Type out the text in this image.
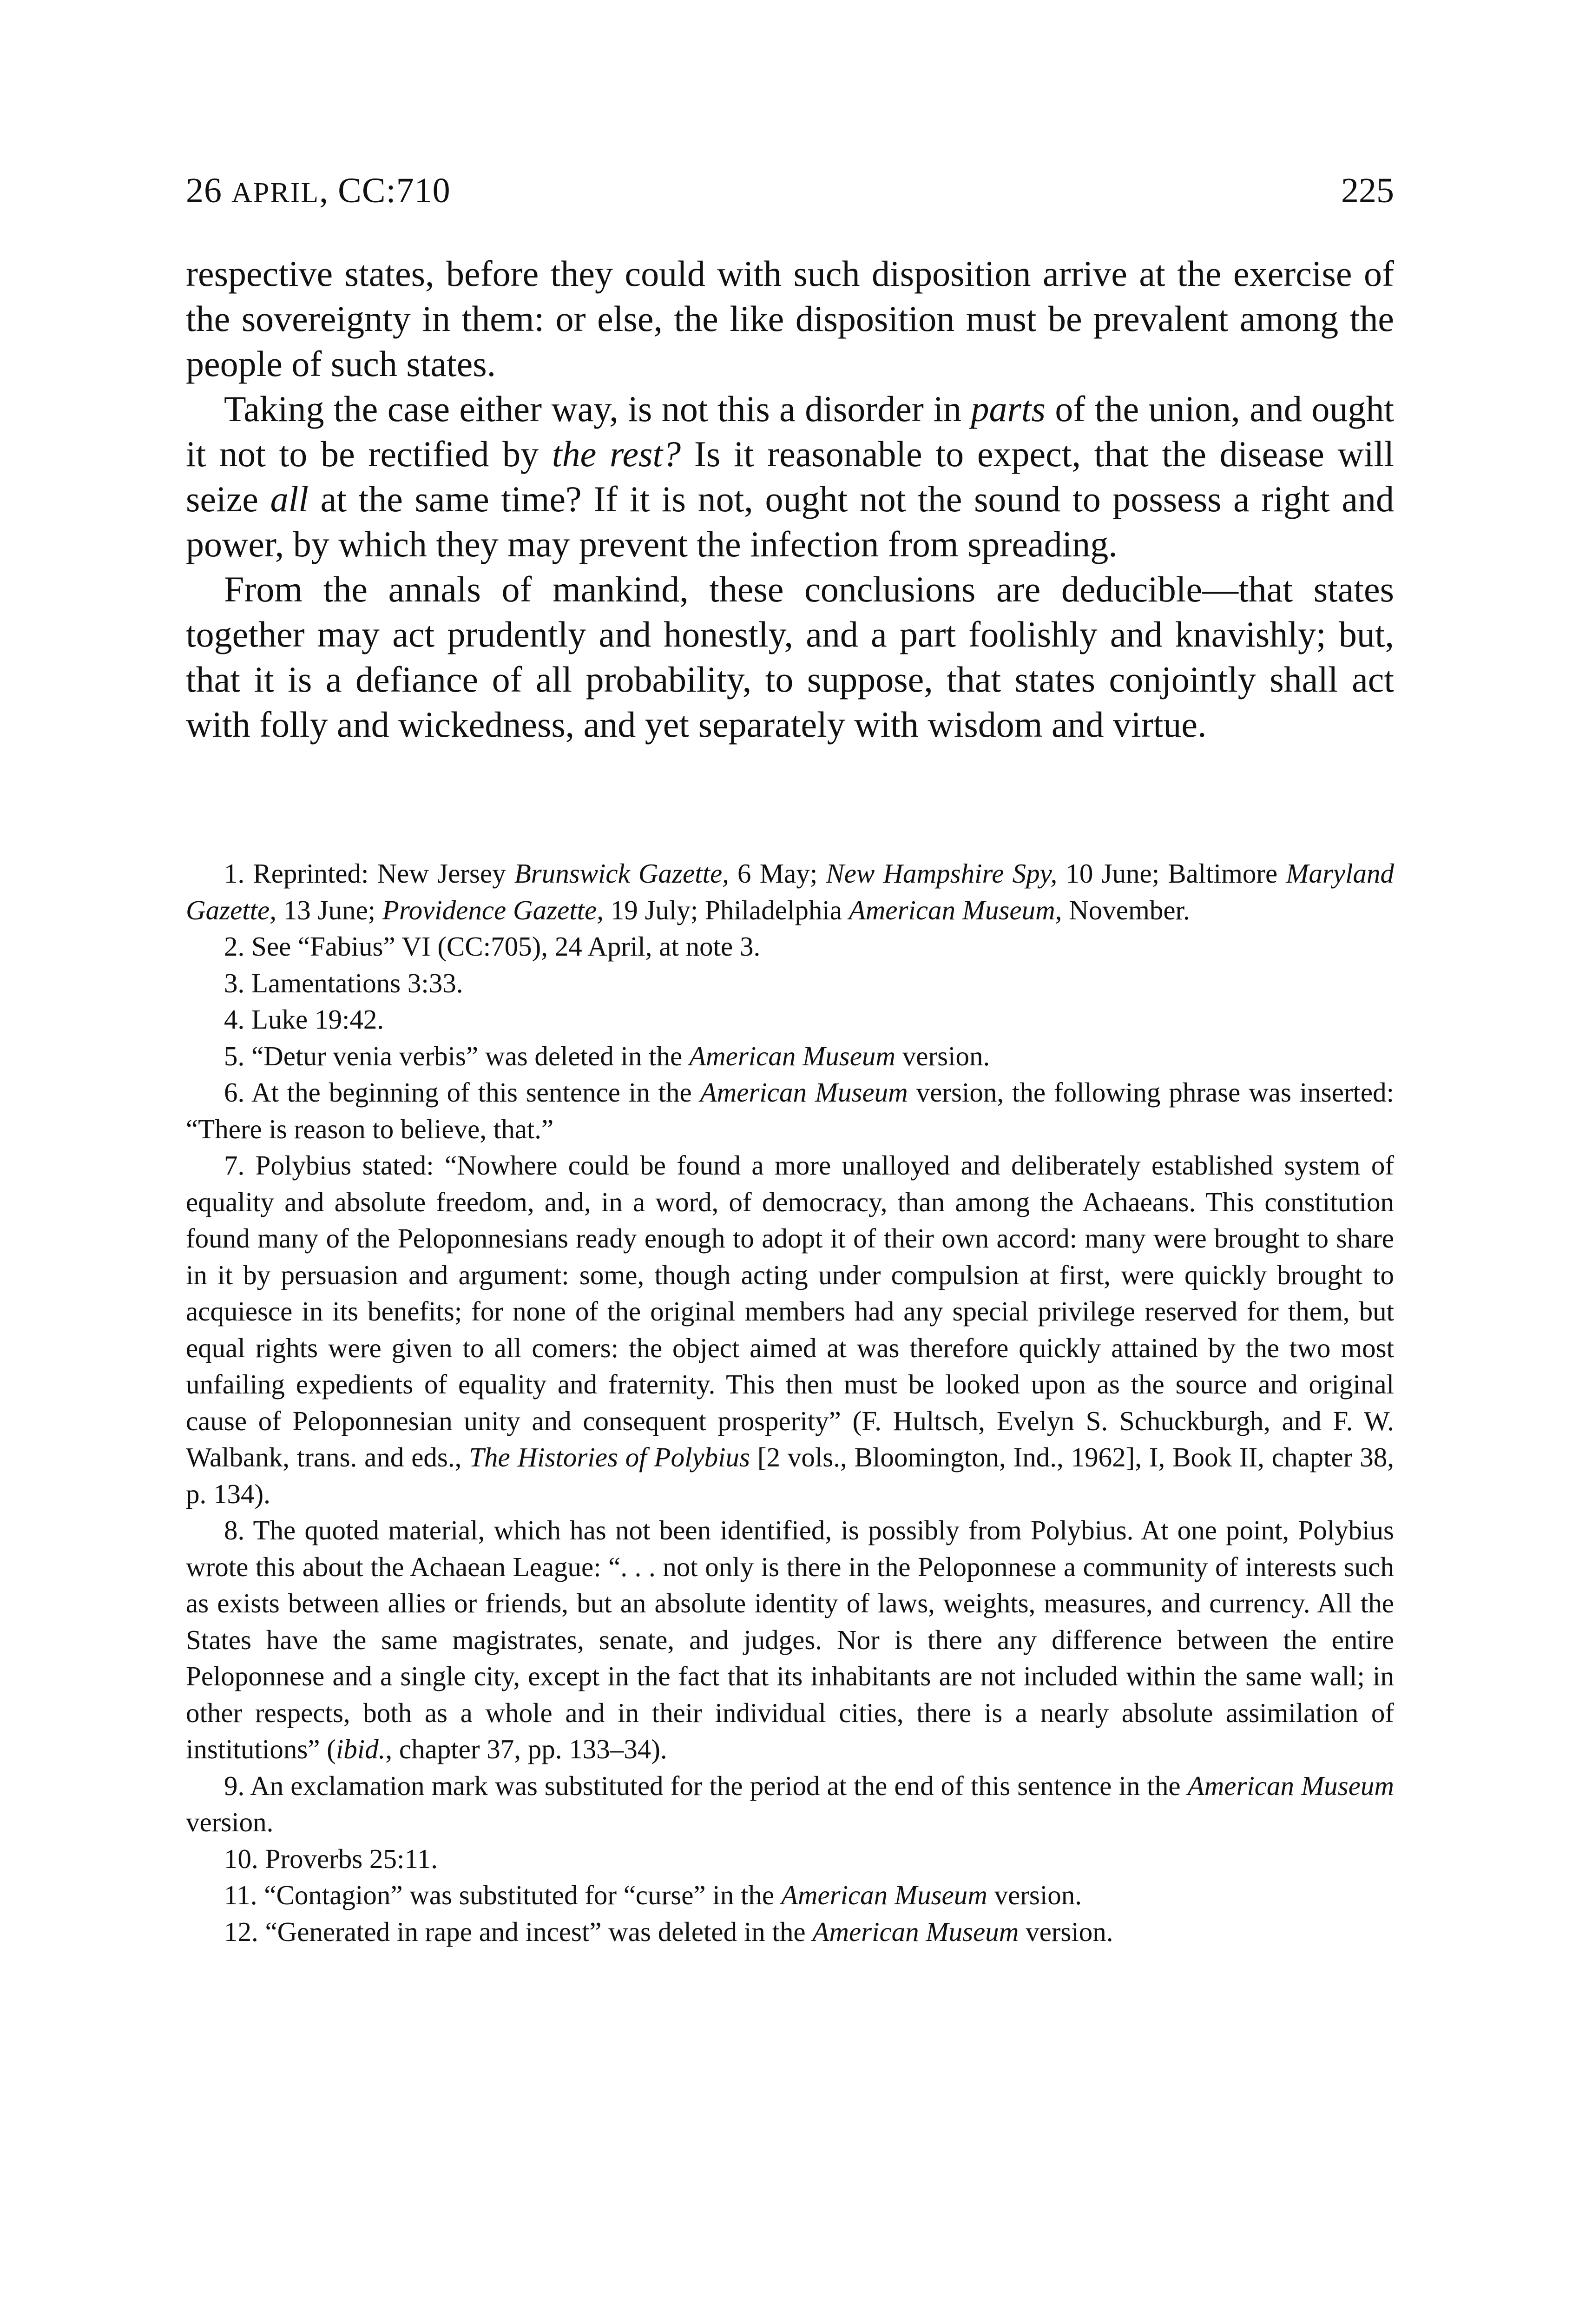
26 APRIL, CC:710	225

respective states, before they could with such disposition arrive at the exercise of the sovereignty in them: or else, the like disposition must be prevalent among the people of such states.

Taking the case either way, is not this a disorder in parts of the union, and ought it not to be rectified by the rest? Is it reasonable to expect, that the disease will seize all at the same time? If it is not, ought not the sound to possess a right and power, by which they may prevent the infection from spreading.

From the annals of mankind, these conclusions are deducible—that states together may act prudently and honestly, and a part foolishly and knavishly; but, that it is a defiance of all probability, to suppose, that states conjointly shall act with folly and wickedness, and yet separately with wisdom and virtue.

1. Reprinted: New Jersey Brunswick Gazette, 6 May; New Hampshire Spy, 10 June; Baltimore Maryland Gazette, 13 June; Providence Gazette, 19 July; Philadelphia American Museum, November.

2. See “Fabius” VI (CC:705), 24 April, at note 3.

3. Lamentations 3:33.

4. Luke 19:42.

5. “Detur venia verbis” was deleted in the American Museum version.

6. At the beginning of this sentence in the American Museum version, the following phrase was inserted: “There is reason to believe, that.”

7. Polybius stated: “Nowhere could be found a more unalloyed and deliberately established system of equality and absolute freedom, and, in a word, of democracy, than among the Achaeans. This constitution found many of the Peloponnesians ready enough to adopt it of their own accord: many were brought to share in it by persuasion and argument: some, though acting under compulsion at first, were quickly brought to acquiesce in its benefits; for none of the original members had any special privilege reserved for them, but equal rights were given to all comers: the object aimed at was therefore quickly attained by the two most unfailing expedients of equality and fraternity. This then must be looked upon as the source and original cause of Peloponnesian unity and consequent prosperity” (F. Hultsch, Evelyn S. Schuckburgh, and F. W. Walbank, trans. and eds., The Histories of Polybius [2 vols., Bloomington, Ind., 1962], I, Book II, chapter 38, p. 134).

8. The quoted material, which has not been identified, is possibly from Polybius. At one point, Polybius wrote this about the Achaean League: “. . . not only is there in the Peloponnese a community of interests such as exists between allies or friends, but an absolute identity of laws, weights, measures, and currency. All the States have the same magistrates, senate, and judges. Nor is there any difference between the entire Peloponnese and a single city, except in the fact that its inhabitants are not included within the same wall; in other respects, both as a whole and in their individual cities, there is a nearly absolute assimilation of institutions” (ibid., chapter 37, pp. 133–34).

9. An exclamation mark was substituted for the period at the end of this sentence in the American Museum version.

10. Proverbs 25:11.

11. “Contagion” was substituted for “curse” in the American Museum version.

12. “Generated in rape and incest” was deleted in the American Museum version.
